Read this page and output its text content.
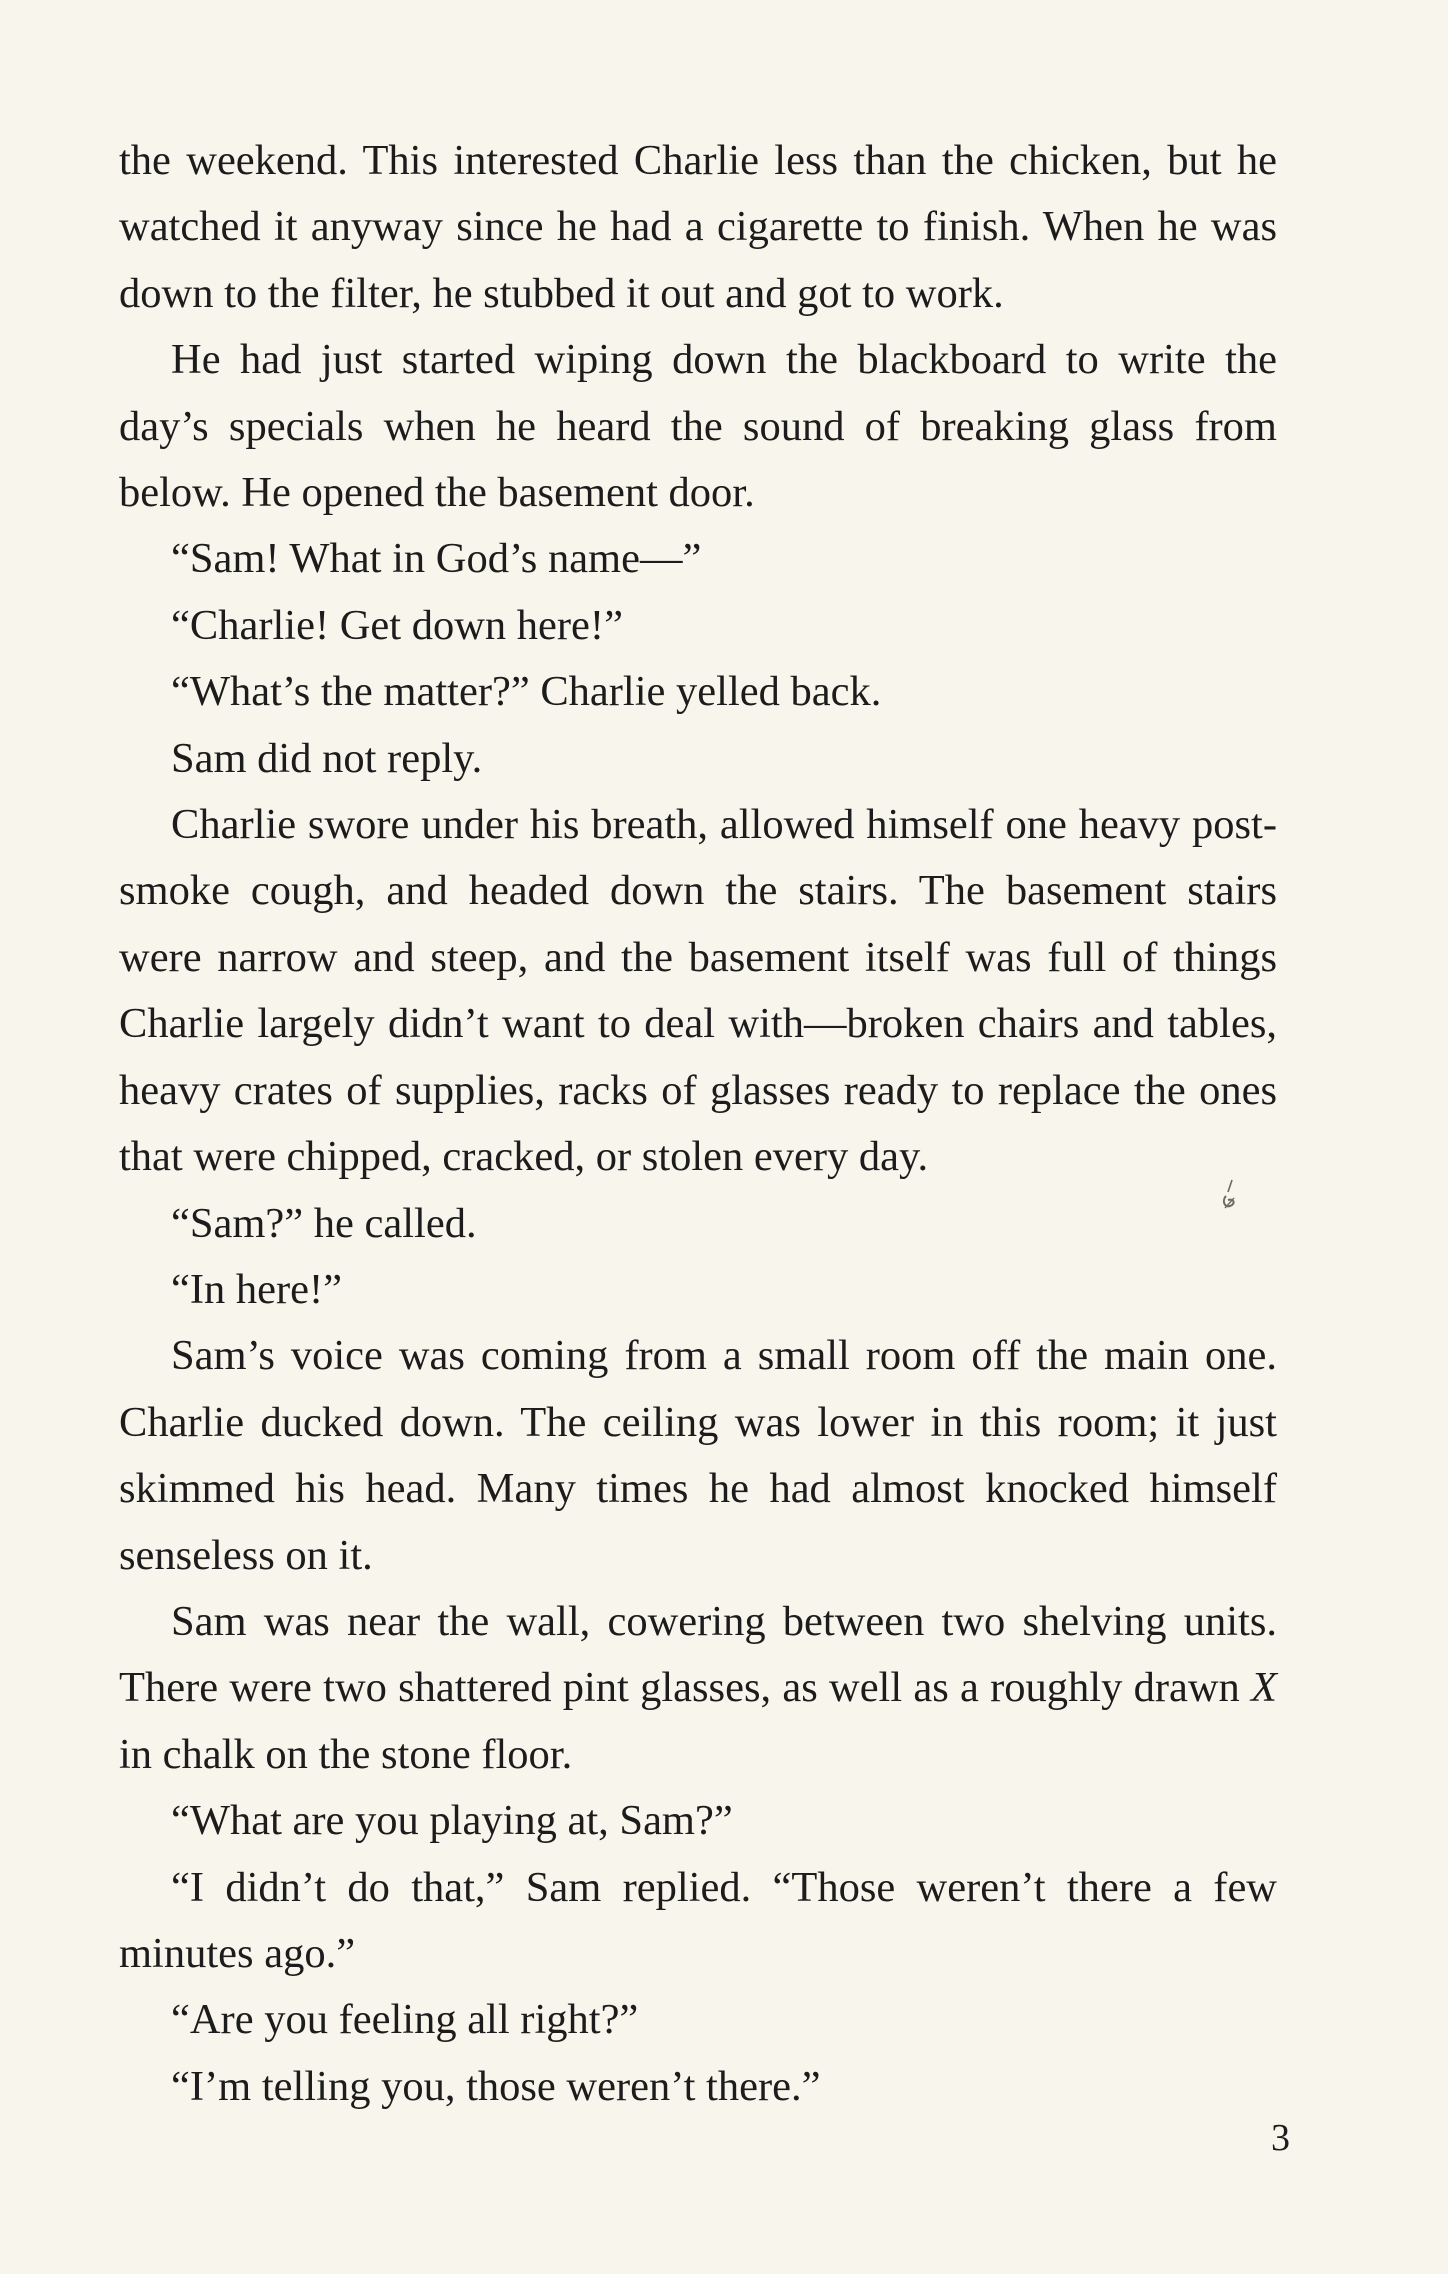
the weekend. This interested Charlie less than the chicken, but he watched it anyway since he had a cigarette to finish. When he was down to the filter, he stubbed it out and got to work.

He had just started wiping down the blackboard to write the day’s specials when he heard the sound of breaking glass from below. He opened the basement door.

“Sam! What in God’s name—”

“Charlie! Get down here!”

“What’s the matter?” Charlie yelled back.

Sam did not reply.

Charlie swore under his breath, allowed himself one heavy post-smoke cough, and headed down the stairs. The basement stairs were narrow and steep, and the basement itself was full of things Charlie largely didn’t want to deal with—broken chairs and tables, heavy crates of supplies, racks of glasses ready to replace the ones that were chipped, cracked, or stolen every day.

“Sam?” he called.

“In here!”

Sam’s voice was coming from a small room off the main one. Charlie ducked down. The ceiling was lower in this room; it just skimmed his head. Many times he had almost knocked himself senseless on it.

Sam was near the wall, cowering between two shelving units. There were two shattered pint glasses, as well as a roughly drawn X in chalk on the stone floor.

“What are you playing at, Sam?”

“I didn’t do that,” Sam replied. “Those weren’t there a few minutes ago.”

“Are you feeling all right?”

“I’m telling you, those weren’t there.”

3
